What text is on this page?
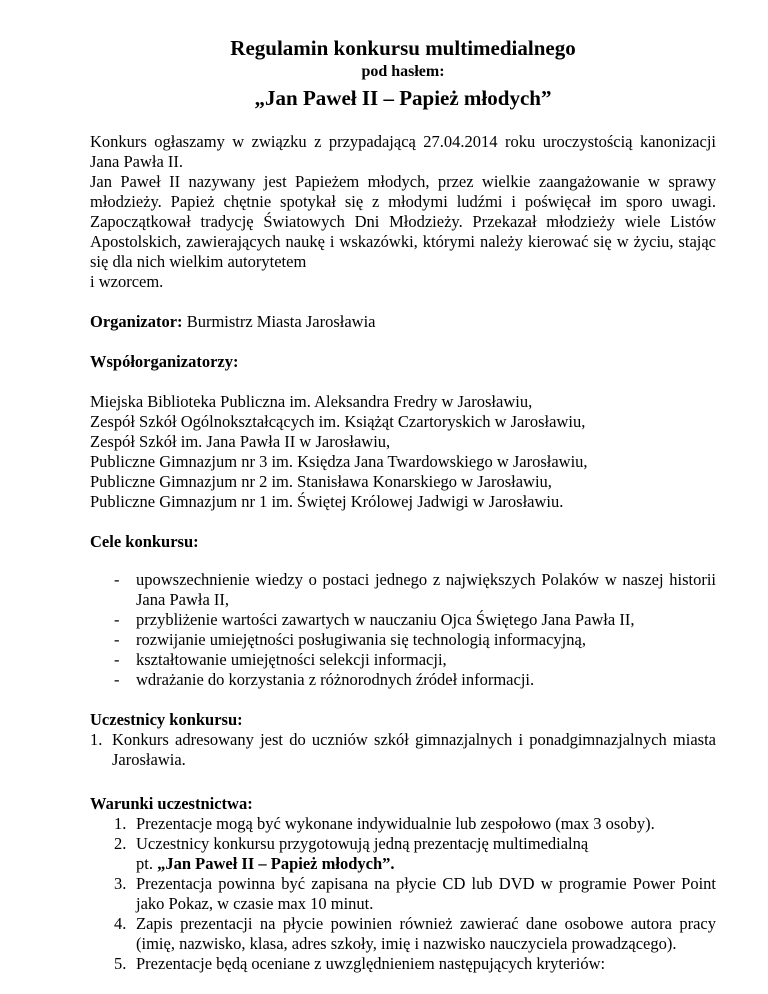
Regulamin konkursu multimedialnego
pod hasłem:
„Jan Paweł II – Papież młodych”
Konkurs ogłaszamy w związku z przypadającą 27.04.2014 roku uroczystością kanonizacji Jana Pawła II.
Jan Paweł II nazywany jest Papieżem młodych, przez wielkie zaangażowanie w sprawy młodzieży. Papież chętnie spotykał się z młodymi ludźmi i poświęcał im sporo uwagi. Zapoczątkował tradycję Światowych Dni Młodzieży. Przekazał młodzieży wiele Listów Apostolskich, zawierających naukę i wskazówki, którymi należy kierować się w życiu, stając się dla nich wielkim autorytetem
i wzorcem.

Organizator: Burmistrz Miasta Jarosławia

Współorganizatorzy:

Miejska Biblioteka Publiczna im. Aleksandra Fredry w Jarosławiu,
Zespół Szkół Ogólnokształcących im. Książąt Czartoryskich w Jarosławiu,
Zespół Szkół im. Jana Pawła II w Jarosławiu,
Publiczne Gimnazjum nr 3 im. Księdza Jana Twardowskiego w Jarosławiu,
Publiczne Gimnazjum nr 2 im. Stanisława Konarskiego w Jarosławiu,
Publiczne Gimnazjum nr 1 im. Świętej Królowej Jadwigi w Jarosławiu.

Cele konkursu:

- upowszechnienie wiedzy o postaci jednego z największych Polaków w naszej historii Jana Pawła II,
- przybliżenie wartości zawartych w nauczaniu Ojca Świętego Jana Pawła II,
- rozwijanie umiejętności posługiwania się technologią informacyjną,
- kształtowanie umiejętności selekcji informacji,
- wdrażanie do korzystania z różnorodnych źródeł informacji.

Uczestnicy konkursu:

1. Konkurs adresowany jest do uczniów szkół gimnazjalnych i ponadgimnazjalnych miasta Jarosławia.

Warunki uczestnictwa:

1. Prezentacje mogą być wykonane indywidualnie lub zespołowo (max 3 osoby).
2. Uczestnicy konkursu przygotowują jedną prezentację multimedialną
pt. „Jan Paweł II – Papież młodych”.
3. Prezentacja powinna być zapisana na płycie CD lub DVD w programie Power Point jako Pokaz, w czasie max 10 minut.
4. Zapis prezentacji na płycie powinien również zawierać dane osobowe autora pracy (imię, nazwisko, klasa, adres szkoły, imię i nazwisko nauczyciela prowadzącego).
5. Prezentacje będą oceniane z uwzględnieniem następujących kryteriów:
